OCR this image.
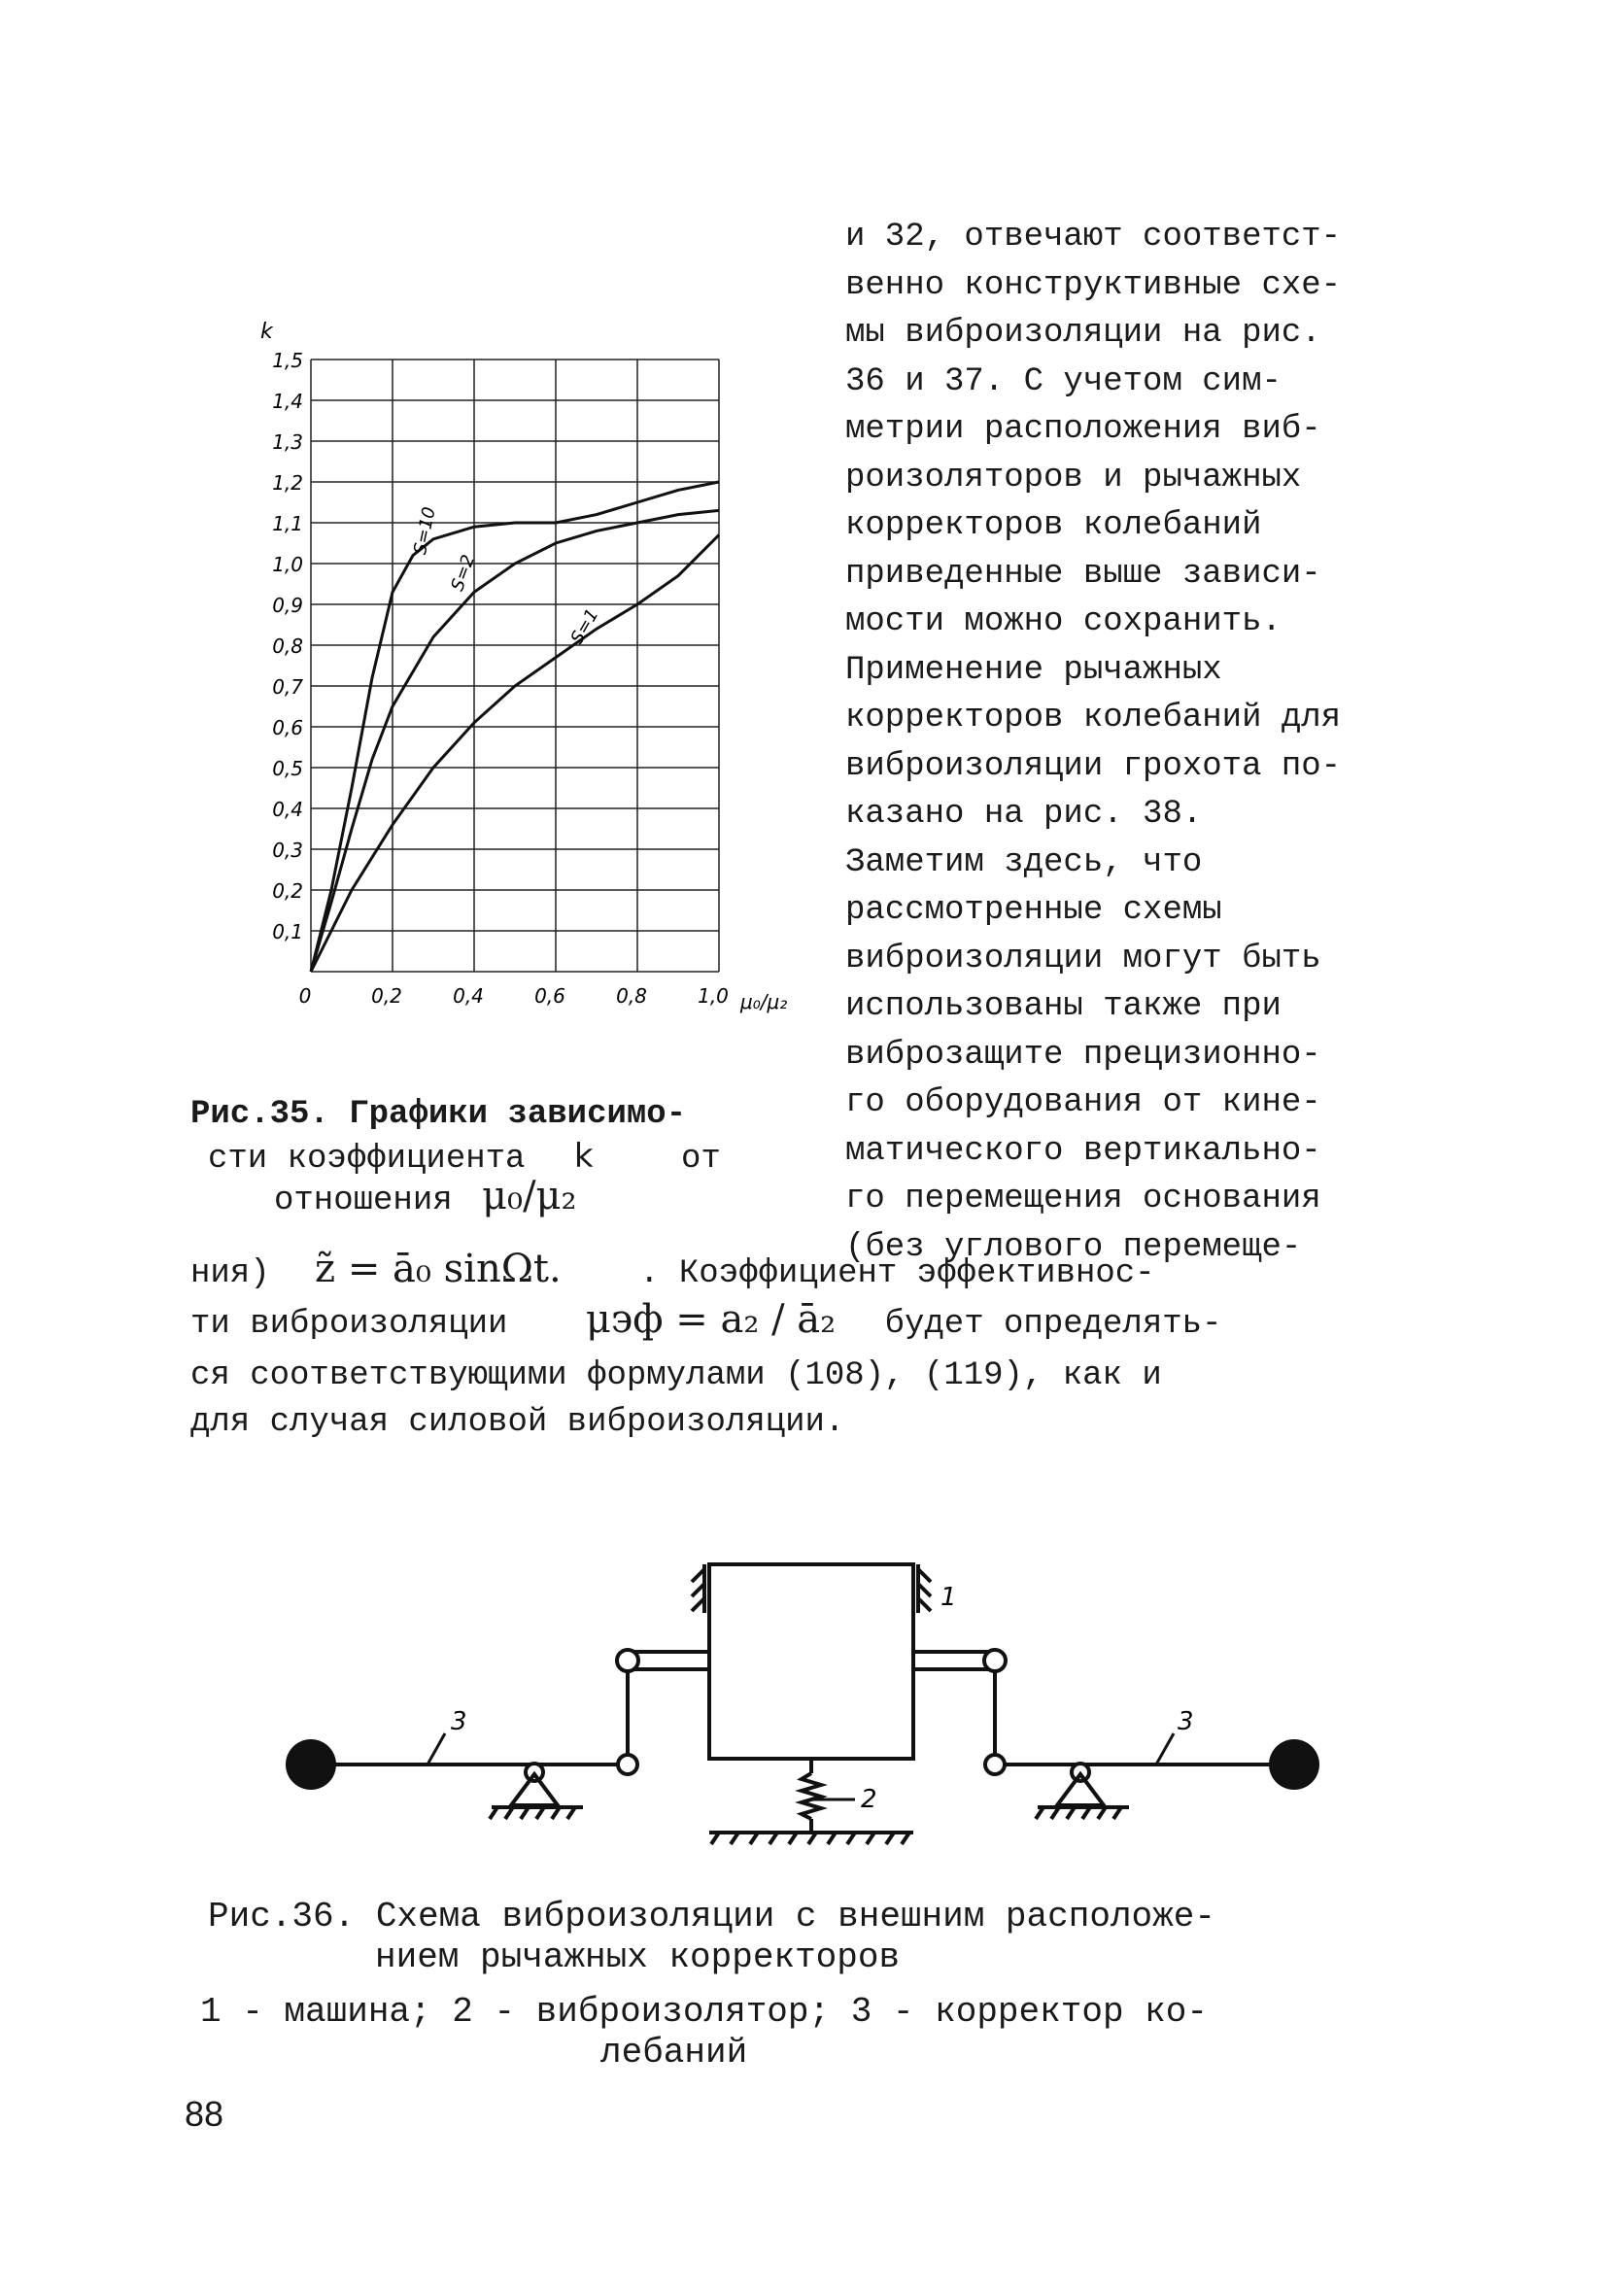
k
0,1
0,2
0,3
0,4
0,5
0,6
0,7
0,8
0,9
1,0
1,1
1,2
1,3
1,4
1,5
0	0,2	0,4	0,6	0,8	1,0
S=10
S=2
S=1
μ₀/μ₂
и 32, отвечают соответст-
венно конструктивные схе-
мы виброизоляции на рис.
36 и 37. С учетом сим-
метрии расположения виб-
роизоляторов и рычажных
корректоров колебаний
приведенные выше зависи-
мости можно сохранить.
Применение рычажных
корректоров колебаний для
виброизоляции грохота по-
казано на рис. 38.
Заметим здесь, что
рассмотренные схемы
виброизоляции могут быть
использованы также при
виброзащите прецизионно-
го оборудования от кине-
матического вертикально-
го перемещения основания
(без углового перемеще-
Рис.35. Графики зависимо-
сти коэффициента k	от
отношения μ₀/μ₂
ния) z̃ = ā₀ sinΩt. . Коэффициент эффективнос-
ти виброизоляции μэф = a₂ / ā₂ будет определять-
ся соответствующими формулами (108), (119), как и
для случая силовой виброизоляции.
1
2
3	3
Рис.36. Схема виброизоляции с внешним расположе-
нием рычажных корректоров
1 - машина; 2 - виброизолятор; 3 - корректор ко-
лебаний
88
